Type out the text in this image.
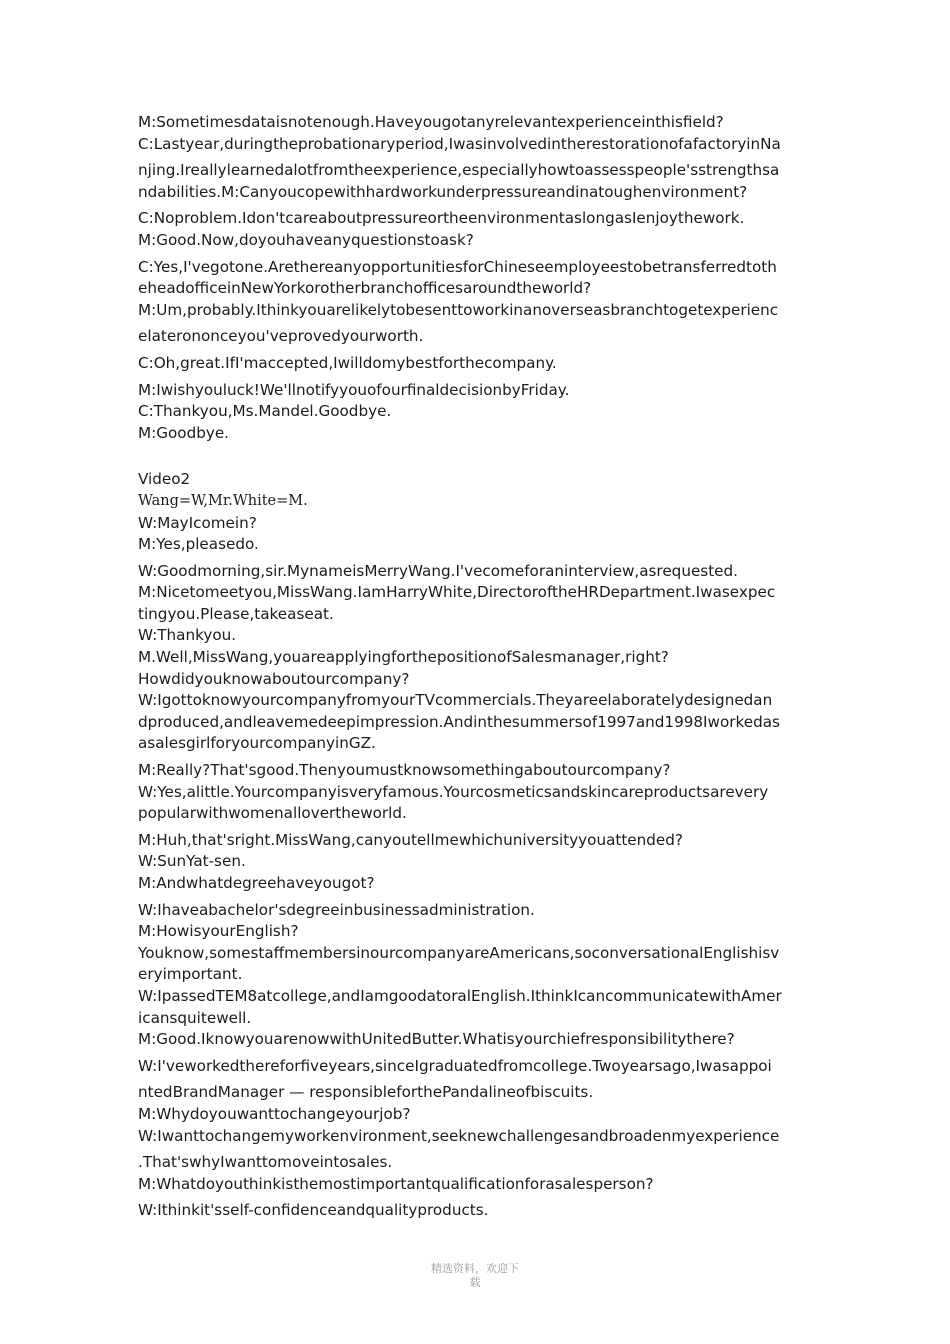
M:Sometimesdataisnotenough.Haveyougotanyrelevantexperienceinthisfield?
C:Lastyear,duringtheprobationaryperiod,IwasinvolvedintherestorationofafactoryinNa
njing.Ireallylearnedalotfromtheexperience,especiallyhowtoassesspeople'sstrengthsa
ndabilities.M:Canyoucopewithhardworkunderpressureandinatoughenvironment?
C:Noproblem.Idon'tcareaboutpressureortheenvironmentaslongasIenjoythework.
M:Good.Now,doyouhaveanyquestionstoask?
C:Yes,I'vegotone.ArethereanyopportunitiesforChineseemployeestobetransferredtoth
eheadofficeinNewYorkorotherbranchofficesaroundtheworld?
M:Um,probably.Ithinkyouarelikelytobesenttoworkinanoverseasbranchtogetexperienc
elaterononceyou'veprovedyourworth.
C:Oh,great.IfI'maccepted,Iwilldomybestforthecompany.
M:Iwishyouluck!We'llnotifyyouofourfinaldecisionbyFriday.
C:Thankyou,Ms.Mandel.Goodbye.
M:Goodbye.
Video2
Wang=W,Mr.White=M.
W:MayIcomein?
M:Yes,pleasedo.
W:Goodmorning,sir.MynameisMerryWang.I'vecomeforaninterview,asrequested.
M:Nicetomeetyou,MissWang.IamHarryWhite,DirectoroftheHRDepartment.Iwasexpec
tingyou.Please,takeaseat.
W:Thankyou.
M.Well,MissWang,youareapplyingforthepositionofSalesmanager,right?
Howdidyouknowaboutourcompany?
W:IgottoknowyourcompanyfromyourTVcommercials.Theyareelaboratelydesignedan
dproduced,andleavemedeepimpression.Andinthesummersof1997and1998Iworkedas
asalesgirlforyourcompanyinGZ.
M:Really?That'sgood.Thenyoumustknowsomethingaboutourcompany?
W:Yes,alittle.Yourcompanyisveryfamous.Yourcosmeticsandskincareproductsarevery
popularwithwomenallovertheworld.
M:Huh,that'sright.MissWang,canyoutellmewhichuniversityyouattended?
W:SunYat-sen.
M:Andwhatdegreehaveyougot?
W:Ihaveabachelor'sdegreeinbusinessadministration.
M:HowisyourEnglish?
Youknow,somestaffmembersinourcompanyareAmericans,soconversationalEnglishisv
eryimportant.
W:IpassedTEM8atcollege,andIamgoodatoralEnglish.IthinkIcancommunicatewithAmer
icansquitewell.
M:Good.IknowyouarenowwithUnitedButter.Whatisyourchiefresponsibilitythere?
W:I'veworkedthereforfiveyears,sinceIgraduatedfromcollege.Twoyearsago,Iwasappoi
ntedBrandManager — responsibleforthePandalineofbiscuits.
M:Whydoyouwanttochangeyourjob?
W:Iwanttochangemyworkenvironment,seeknewchallengesandbroadenmyexperience
.That'swhyIwanttomoveintosales.
M:Whatdoyouthinkisthemostimportantqualificationforasalesperson?
W:Ithinkit'sself-confidenceandqualityproducts.
精选资料，欢迎下
载
